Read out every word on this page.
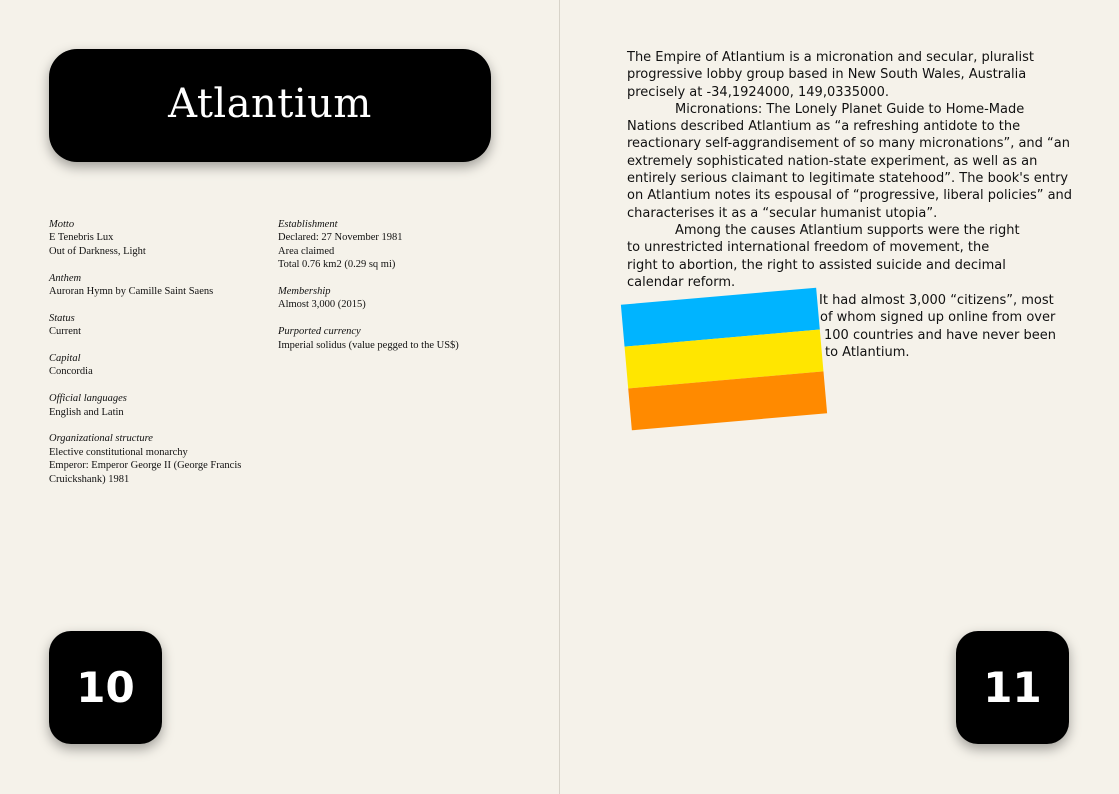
Atlantium
Motto
E Tenebris Lux
Out of Darkness, Light
Anthem
Auroran Hymn by Camille Saint Saens
Status
Current
Capital
Concordia
Official languages
English and Latin
Organizational structure
Elective constitutional monarchy
Emperor: Emperor George II (George Francis
Cruickshank) 1981
Establishment
Declared: 27 November 1981
Area claimed
Total 0.76 km2 (0.29 sq mi)
Membership
Almost 3,000 (2015)
Purported currency
Imperial solidus (value pegged to the US$)
10

The Empire of Atlantium is a micronation and secular, pluralist progressive lobby group based in New South Wales, Australia precisely at -34,1924000, 149,0335000.

Micronations: The Lonely Planet Guide to Home-Made Nations described Atlantium as “a refreshing antidote to the reactionary self-aggrandisement of so many micronations”, and “an extremely sophisticated nation-state experiment, as well as an entirely serious claimant to legitimate statehood”. The book's entry on Atlantium notes its espousal of “progressive, liberal policies” and characterises it as a “secular humanist utopia”.

Among the causes Atlantium supports were the right
to unrestricted international freedom of movement, the
right to abortion, the right to assisted suicide and decimal
calendar reform.

It had almost 3,000 “citizens”, most
of whom signed up online from over
100 countries and have never been
to Atlantium.
11
